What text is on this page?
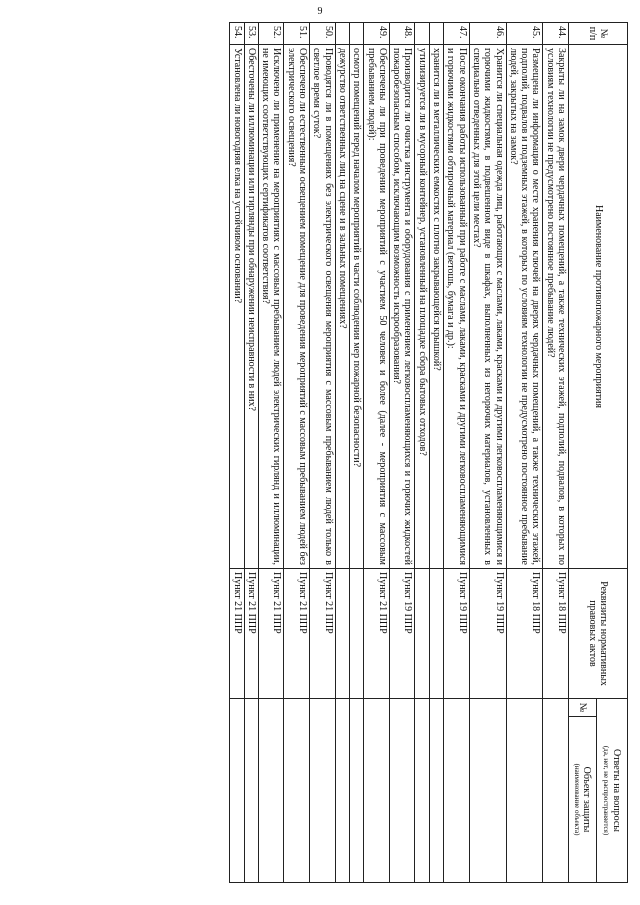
9
№ п/п	Наименование противопожарного мероприятия	Реквизиты нормативных правовых актов	Ответы на вопросы
(да, нет, не распространяется)	

			№	Объект защиты
(наименование объекта)

44.	Закрыты ли на замок двери чердачных помещений, а также технических этажей, подполий, подвалов, в которых по условиям технологии не предусмотрено постоянное пребывание людей?	Пункт 18 ППР		
45.	Размещена ли информация о месте хранения ключей на дверях чердачных помещений, а также технических этажей, подполий, подвалов и подземных этажей, в которых по условиям технологии не предусмотрено постоянное пребывание людей, закрытых на замок?	Пункт 18 ППР		
46.	Хранится ли специальная одежда лиц, работающих с маслами, лаками, красками и другими легковоспламеняющимися и горючими жидкостями, в подвешенном виде в шкафах, выполненных из негорючих материалов, установленных в специально отведенных для этой цели местах?	Пункт 19 ППР		
47.	После окончания работы использованный при работе с маслами, лаками, красками и другими легковоспламеняющимися и горючими жидкостями обтирочный материал (ветошь, бумага и др.):	Пункт 19 ППР		
	хранится ли в металлических емкостях с плотно закрывающейся крышкой?			
	утилизируется ли в мусорный контейнер, установленный на площадке сбора бытовых отходов?			
48.	Производится ли очистка инструмента и оборудования с применением легковоспламеняющихся и горючих жидкостей пожаробезопасным способом, исключающим возможность искрообразования?	Пункт 19 ППР		
49.	Обеспечены ли при проведении мероприятий с участием 50 человек и более (далее - мероприятия с массовым пребыванием людей):	Пункт 21 ППР		
	осмотр помещений перед началом мероприятий в части соблюдения мер пожарной безопасности?			
	дежурство ответственных лиц на сцене и в зальных помещениях?			
50.	Проводятся ли в помещениях без электрического освещения мероприятия с массовым пребыванием людей только в светлое время суток?	Пункт 21 ППР		
51.	Обеспечено ли естественным освещением помещение для проведения мероприятий с массовым пребыванием людей без электрического освещения?	Пункт 21 ППР		
52.	Исключено ли применение на мероприятиях с массовым пребыванием людей электрических гирлянд и иллюминации, не имеющих соответствующих сертификатов соответствия?	Пункт 21 ППР		
53.	Обесточены ли иллюминации или гирлянды при обнаружении неисправности в них?	Пункт 21 ППР		
54.	Установлена ли новогодняя елка на устойчивом основании?	Пункт 21 ППР		
